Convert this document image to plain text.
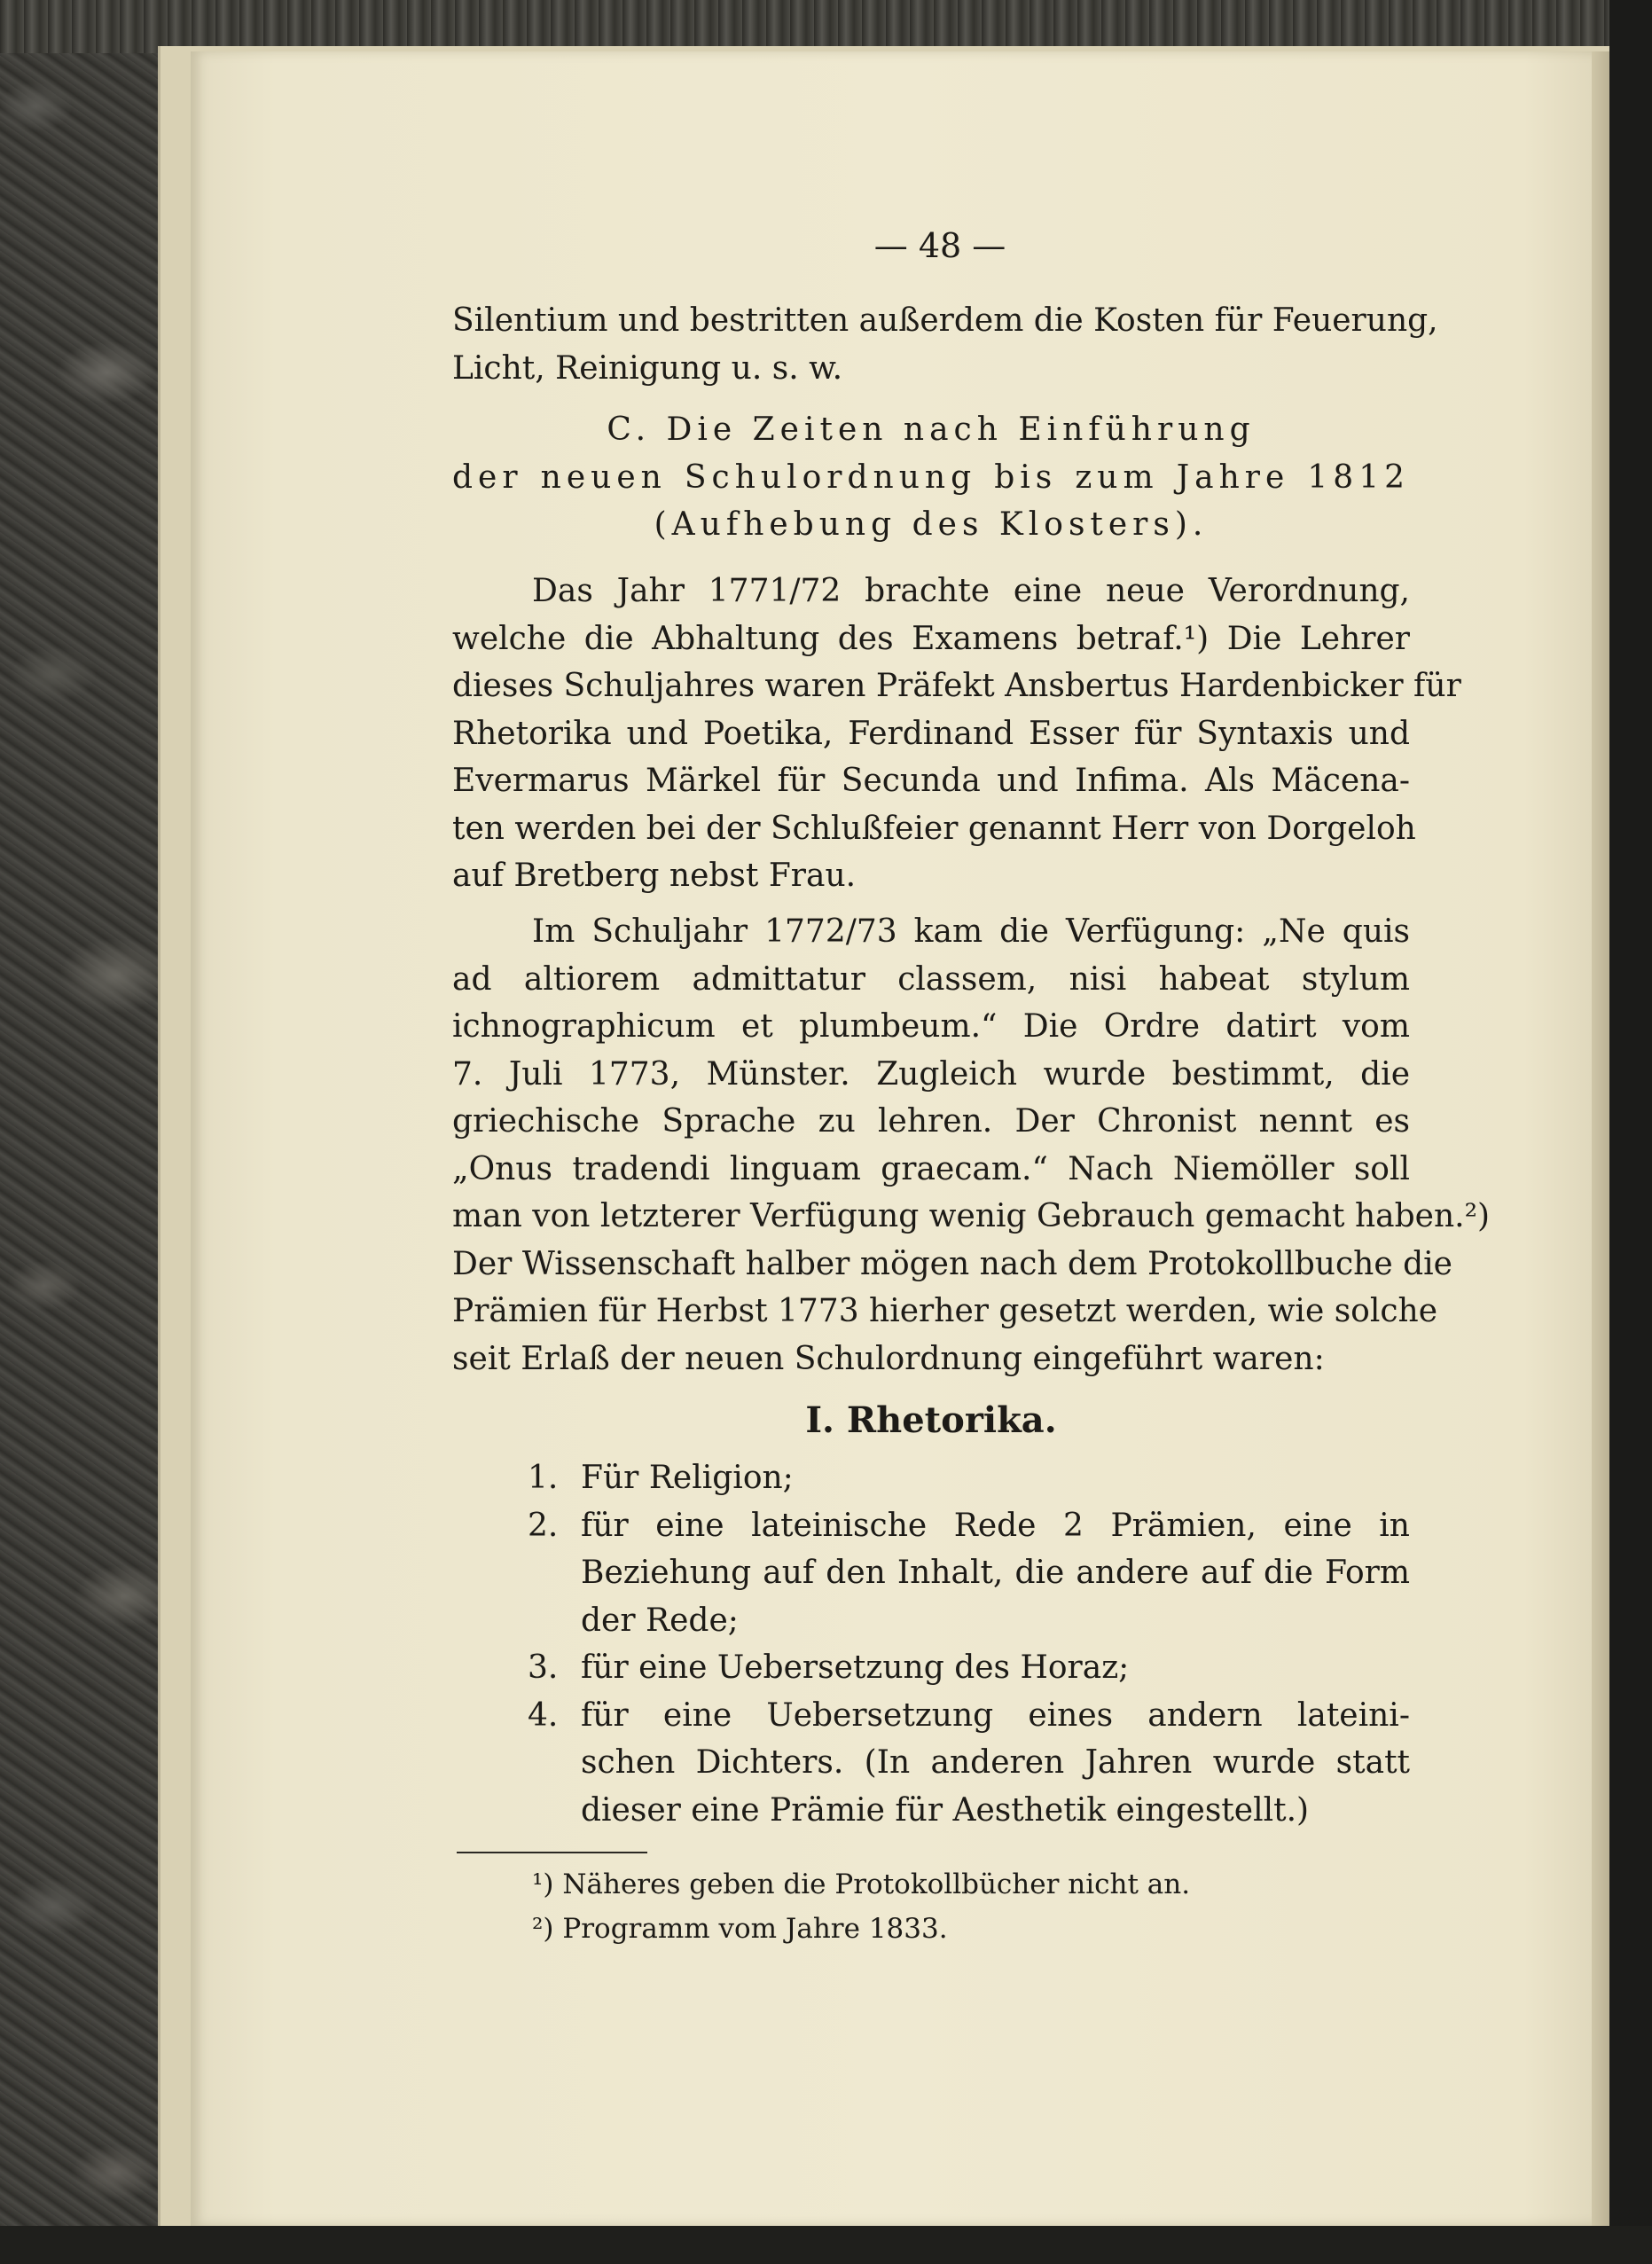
— 48 —
Silentium und bestritten außerdem die Kosten für Feuerung,
Licht, Reinigung u. s. w.
C. Die Zeiten nach Einführung
der neuen Schulordnung bis zum Jahre 1812
(Aufhebung des Klosters).
Das Jahr 1771/72 brachte eine neue Verordnung,
welche die Abhaltung des Examens betraf.¹) Die Lehrer
dieses Schuljahres waren Präfekt Ansbertus Hardenbicker für
Rhetorika und Poetika, Ferdinand Esser für Syntaxis und
Evermarus Märkel für Secunda und Infima. Als Mäcena-
ten werden bei der Schlußfeier genannt Herr von Dorgeloh
auf Bretberg nebst Frau.
Im Schuljahr 1772/73 kam die Verfügung: „Ne quis
ad altiorem admittatur classem, nisi habeat stylum
ichnographicum et plumbeum.“ Die Ordre datirt vom
7. Juli 1773, Münster. Zugleich wurde bestimmt, die
griechische Sprache zu lehren. Der Chronist nennt es
„Onus tradendi linguam graecam.“ Nach Niemöller soll
man von letzterer Verfügung wenig Gebrauch gemacht haben.²)
Der Wissenschaft halber mögen nach dem Protokollbuche die
Prämien für Herbst 1773 hierher gesetzt werden, wie solche
seit Erlaß der neuen Schulordnung eingeführt waren:
I. Rhetorika.
1. Für Religion;
2. für eine lateinische Rede 2 Prämien, eine in
Beziehung auf den Inhalt, die andere auf die Form
der Rede;
3. für eine Uebersetzung des Horaz;
4. für eine Uebersetzung eines andern lateini-
schen Dichters. (In anderen Jahren wurde statt
dieser eine Prämie für Aesthetik eingestellt.)
¹) Näheres geben die Protokollbücher nicht an.
²) Programm vom Jahre 1833.
